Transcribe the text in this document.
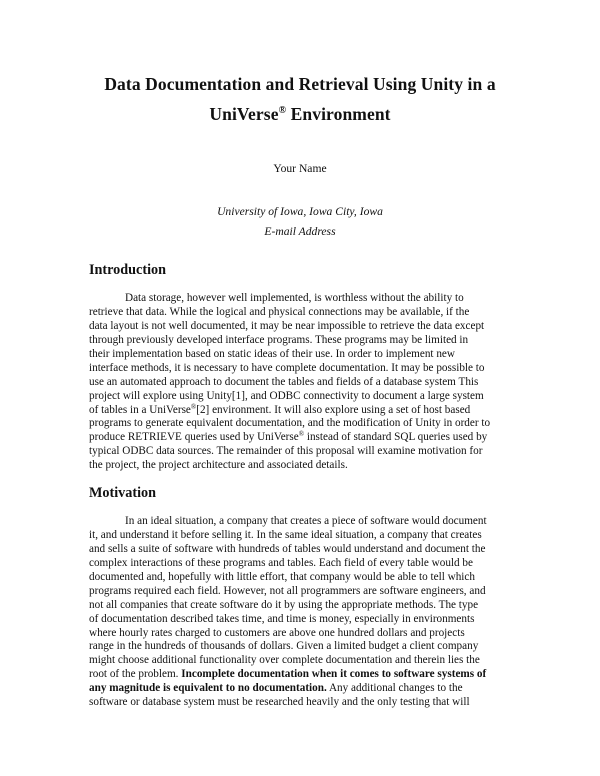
Data Documentation and Retrieval Using Unity in a
UniVerse® Environment
Your Name
University of Iowa, Iowa City, Iowa
E-mail Address
Introduction
Data storage, however well implemented, is worthless without the ability to
retrieve that data. While the logical and physical connections may be available, if the
data layout is not well documented, it may be near impossible to retrieve the data except
through previously developed interface programs. These programs may be limited in
their implementation based on static ideas of their use. In order to implement new
interface methods, it is necessary to have complete documentation. It may be possible to
use an automated approach to document the tables and fields of a database system This
project will explore using Unity[1], and ODBC connectivity to document a large system
of tables in a UniVerse®[2] environment. It will also explore using a set of host based
programs to generate equivalent documentation, and the modification of Unity in order to
produce RETRIEVE queries used by UniVerse® instead of standard SQL queries used by
typical ODBC data sources. The remainder of this proposal will examine motivation for
the project, the project architecture and associated details.
Motivation
In an ideal situation, a company that creates a piece of software would document
it, and understand it before selling it. In the same ideal situation, a company that creates
and sells a suite of software with hundreds of tables would understand and document the
complex interactions of these programs and tables. Each field of every table would be
documented and, hopefully with little effort, that company would be able to tell which
programs required each field. However, not all programmers are software engineers, and
not all companies that create software do it by using the appropriate methods. The type
of documentation described takes time, and time is money, especially in environments
where hourly rates charged to customers are above one hundred dollars and projects
range in the hundreds of thousands of dollars. Given a limited budget a client company
might choose additional functionality over complete documentation and therein lies the
root of the problem. Incomplete documentation when it comes to software systems of
any magnitude is equivalent to no documentation. Any additional changes to the
software or database system must be researched heavily and the only testing that will
